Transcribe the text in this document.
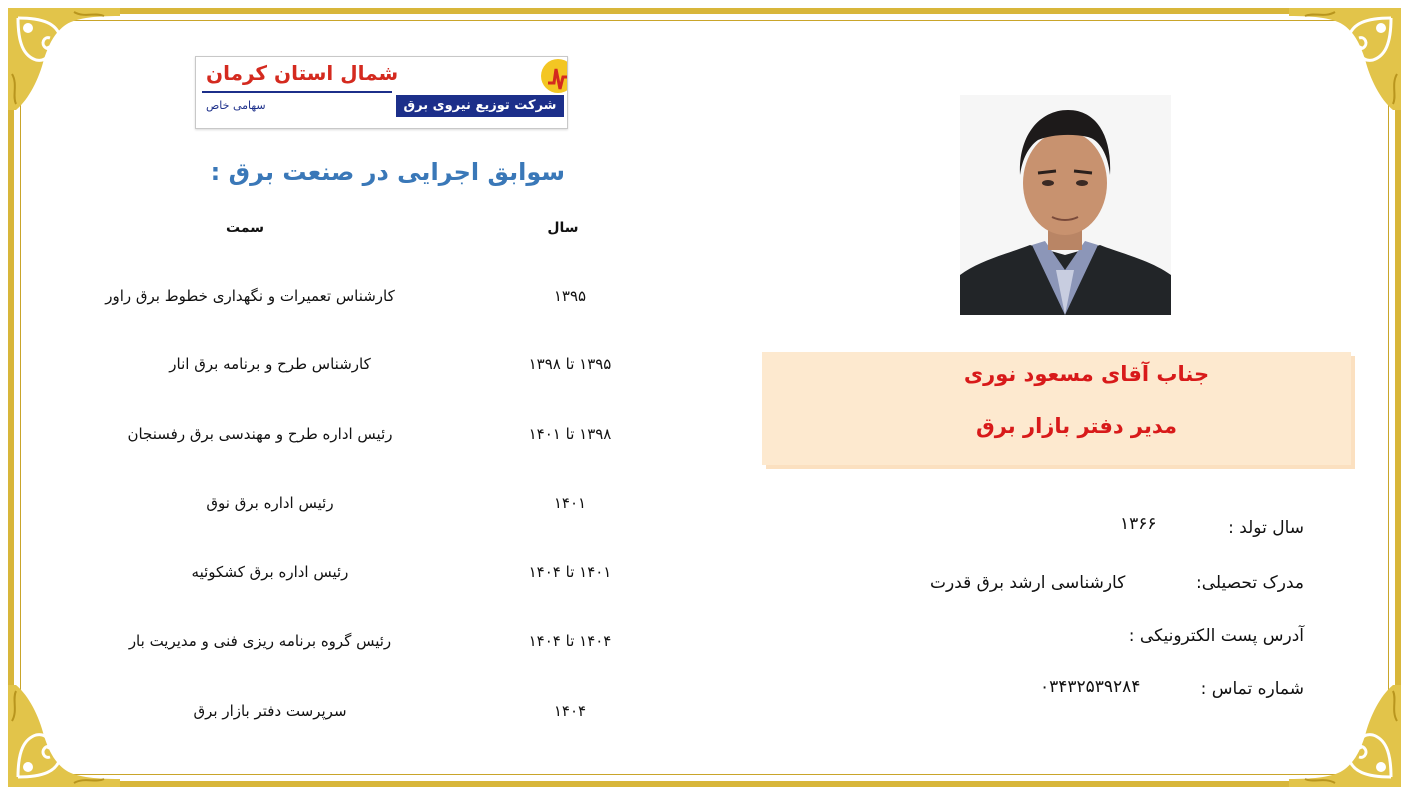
شمال استان کرمان
سهامی خاص	شرکت توزیع نیروی برق
سوابق اجرایی در صنعت برق :
سمت	سال
کارشناس تعمیرات و نگهداری خطوط برق راور	۱۳۹۵
کارشناس طرح و برنامه برق انار	۱۳۹۵ تا ۱۳۹۸
رئیس اداره طرح و مهندسی برق رفسنجان	۱۳۹۸ تا ۱۴۰۱
رئیس اداره برق نوق	۱۴۰۱
رئیس اداره برق کشکوئیه	۱۴۰۱ تا ۱۴۰۴
رئیس گروه برنامه ریزی فنی و مدیریت بار	۱۴۰۴ تا ۱۴۰۴
سرپرست دفتر بازار برق	۱۴۰۴
جناب آقای مسعود نوری
مدیر دفتر بازار برق
سال تولد :
۱۳۶۶
مدرک تحصیلی:
کارشناسی ارشد برق قدرت
آدرس پست الکترونیکی :
شماره تماس :
۰۳۴۳۲۵۳۹۲۸۴
